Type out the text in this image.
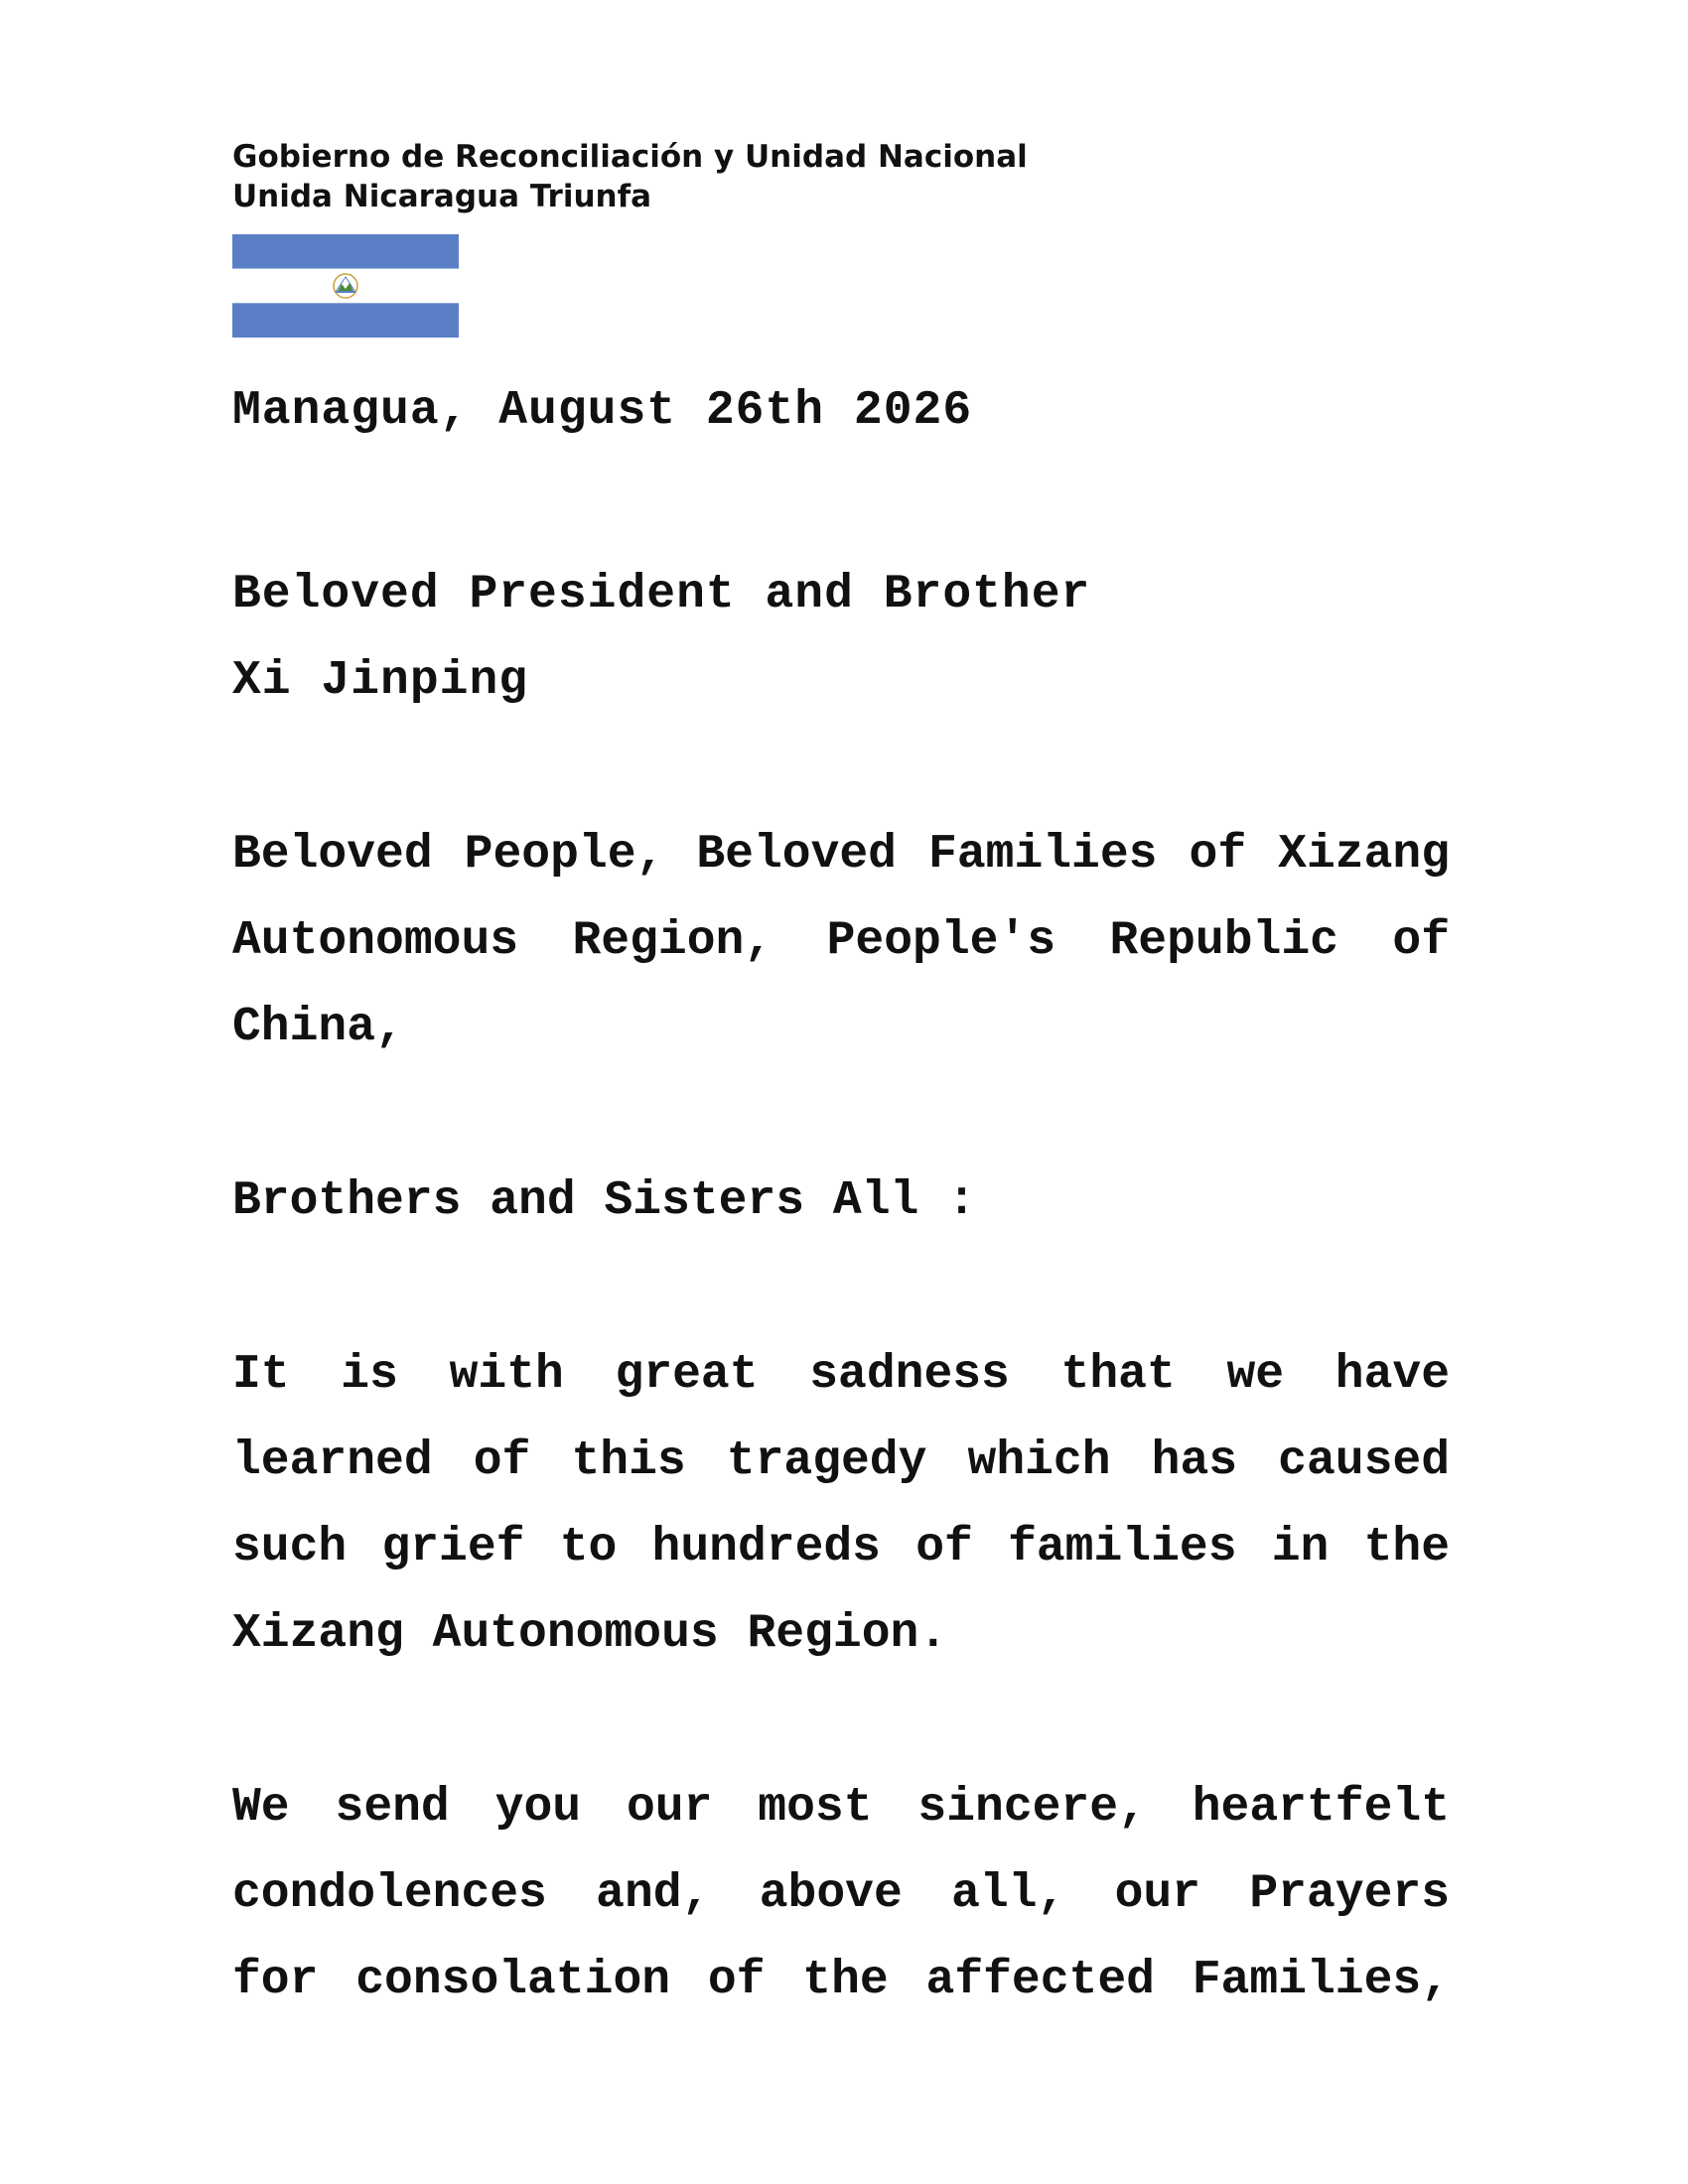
Gobierno de Reconciliación y Unidad Nacional
Unida Nicaragua Triunfa
Managua, August 26th 2026
Beloved President and Brother
Xi Jinping
Beloved People, Beloved Families of Xizang Autonomous Region, People's Republic of China,
Brothers and Sisters All :
It is with great sadness that we have learned of this tragedy which has caused such grief to hundreds of families in the Xizang Autonomous Region.
We send you our most sincere, heartfelt condolences and, above all, our Prayers for consolation of the affected Families,
